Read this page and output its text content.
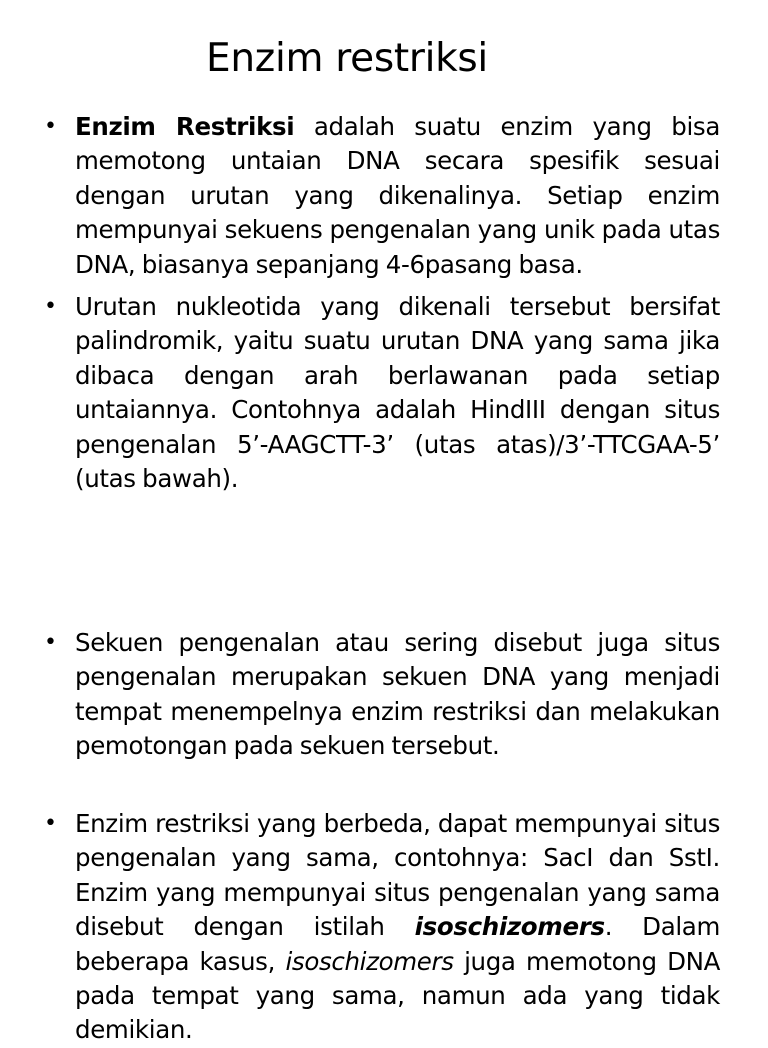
Enzim restriksi
• Enzim Restriksi adalah suatu enzim yang bisa memotong untaian DNA secara spesifik sesuai dengan urutan yang dikenalinya. Setiap enzim mempunyai sekuens pengenalan yang unik pada utas DNA, biasanya sepanjang 4-6pasang basa.
• Urutan nukleotida yang dikenali tersebut bersifat palindromik, yaitu suatu urutan DNA yang sama jika dibaca dengan arah berlawanan pada setiap untaiannya. Contohnya adalah HindIII dengan situs pengenalan 5’-AAGCTT-3’ (utas atas)/3’-TTCGAA-5’ (utas bawah).
• Sekuen pengenalan atau sering disebut juga situs pengenalan merupakan sekuen DNA yang menjadi tempat menempelnya enzim restriksi dan melakukan pemotongan pada sekuen tersebut.
• Enzim restriksi yang berbeda, dapat mempunyai situs pengenalan yang sama, contohnya: SacI dan SstI. Enzim yang mempunyai situs pengenalan yang sama disebut dengan istilah isoschizomers. Dalam beberapa kasus, isoschizomers juga memotong DNA pada tempat yang sama, namun ada yang tidak demikian.
